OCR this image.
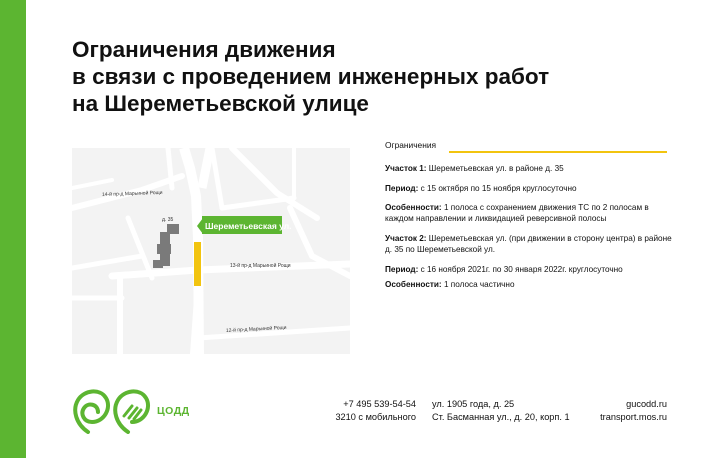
Ограничения движения
в связи с проведением инженерных работ
на Шереметьевской улице
Шереметьевская ул.
д. 35
14-й пр-д Марьиной Рощи
13-й пр-д Марьиной Рощи
12-й пр-д Марьиной Рощи
Ограничения

Участок 1: Шереметьевская ул. в районе д. 35

Период: с 15 октября по 15 ноября круглосуточно

Особенности: 1 полоса с сохранением движения ТС по 2 полосам в каждом направлении и ликвидацией реверсивной полосы

Участок 2: Шереметьевская ул. (при движении в сторону центра) в районе д. 35 по Шереметьевской ул.

Период: с 16 ноября 2021г. по 30 января 2022г. круглосуточно

Особенности: 1 полоса частично

ЦОДД
+7 495 539-54-54
3210 с мобильного
ул. 1905 года, д. 25
Ст. Басманная ул., д. 20, корп. 1
gucodd.ru
transport.mos.ru
